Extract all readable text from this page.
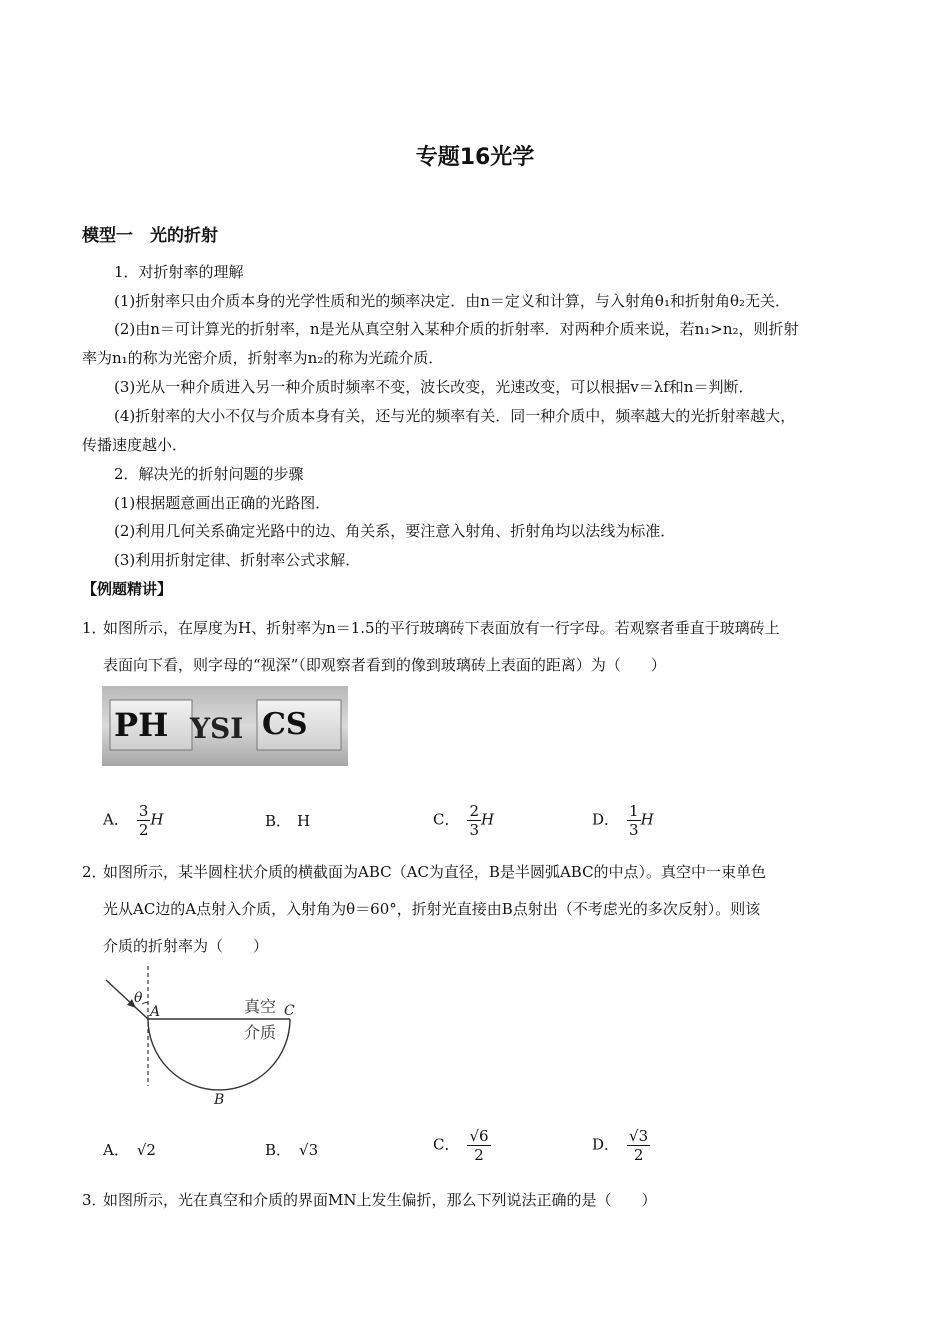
专题16光学
模型一　光的折射
1．对折射率的理解
(1)折射率只由介质本身的光学性质和光的频率决定．由n＝定义和计算，与入射角θ₁和折射角θ₂无关．
(2)由n＝可计算光的折射率，n是光从真空射入某种介质的折射率．对两种介质来说，若n₁>n₂，则折射
率为n₁的称为光密介质，折射率为n₂的称为光疏介质．
(3)光从一种介质进入另一种介质时频率不变，波长改变，光速改变，可以根据v＝λf和n＝判断．
(4)折射率的大小不仅与介质本身有关，还与光的频率有关．同一种介质中，频率越大的光折射率越大，
传播速度越小．
2．解决光的折射问题的步骤
(1)根据题意画出正确的光路图．
(2)利用几何关系确定光路中的边、角关系，要注意入射角、折射角均以法线为标准．
(3)利用折射定律、折射率公式求解．
【例题精讲】
1．
如图所示，在厚度为H、折射率为n＝1.5的平行玻璃砖下表面放有一行字母。若观察者垂直于玻璃砖上
表面向下看，则字母的“视深”（即观察者看到的像到玻璃砖上表面的距离）为（　　）
PH YSI CS
A． $\frac{3}{2}$ H	B． H	C． $\frac{2}{3}$ H	D． $\frac{1}{3}$ H
2．
如图所示，某半圆柱状介质的横截面为ABC（AC为直径，B是半圆弧ABC的中点）。真空中一束单色
光从AC边的A点射入介质，入射角为θ＝60°，折射光直接由B点射出（不考虑光的多次反射）。则该
介质的折射率为（　　）
θ
A	C
B
真空
介质
A． √2	B． √3	C． $\frac{√6}{2}$	D． $\frac{√3}{2}$
3．
如图所示，光在真空和介质的界面MN上发生偏折，那么下列说法正确的是（　　）
